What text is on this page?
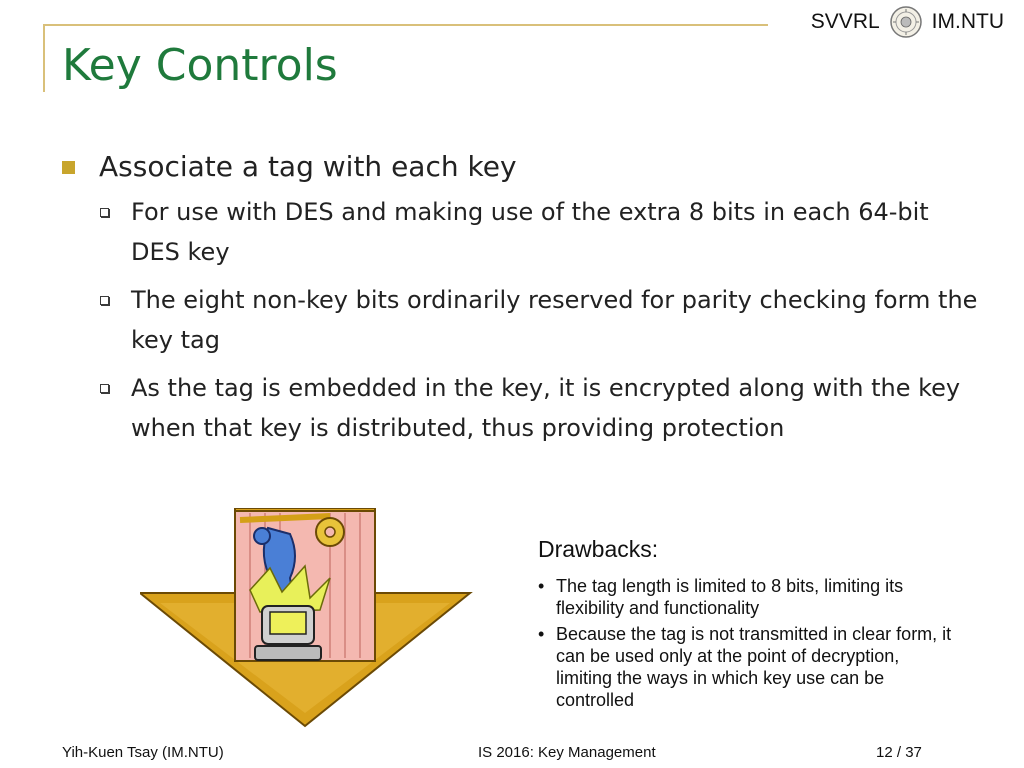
SVVRL IM.NTU
Key Controls
Associate a tag with each key
For use with DES and making use of the extra 8 bits in each 64-bit DES key
The eight non-key bits ordinarily reserved for parity checking form the key tag
As the tag is embedded in the key, it is encrypted along with the key when that key is distributed, thus providing protection
Drawbacks:
• The tag length is limited to 8 bits, limiting its flexibility and functionality
• Because the tag is not transmitted in clear form, it can be used only at the point of decryption, limiting the ways in which key use can be controlled
Yih-Kuen Tsay (IM.NTU)	IS 2016: Key Management	12 / 37
